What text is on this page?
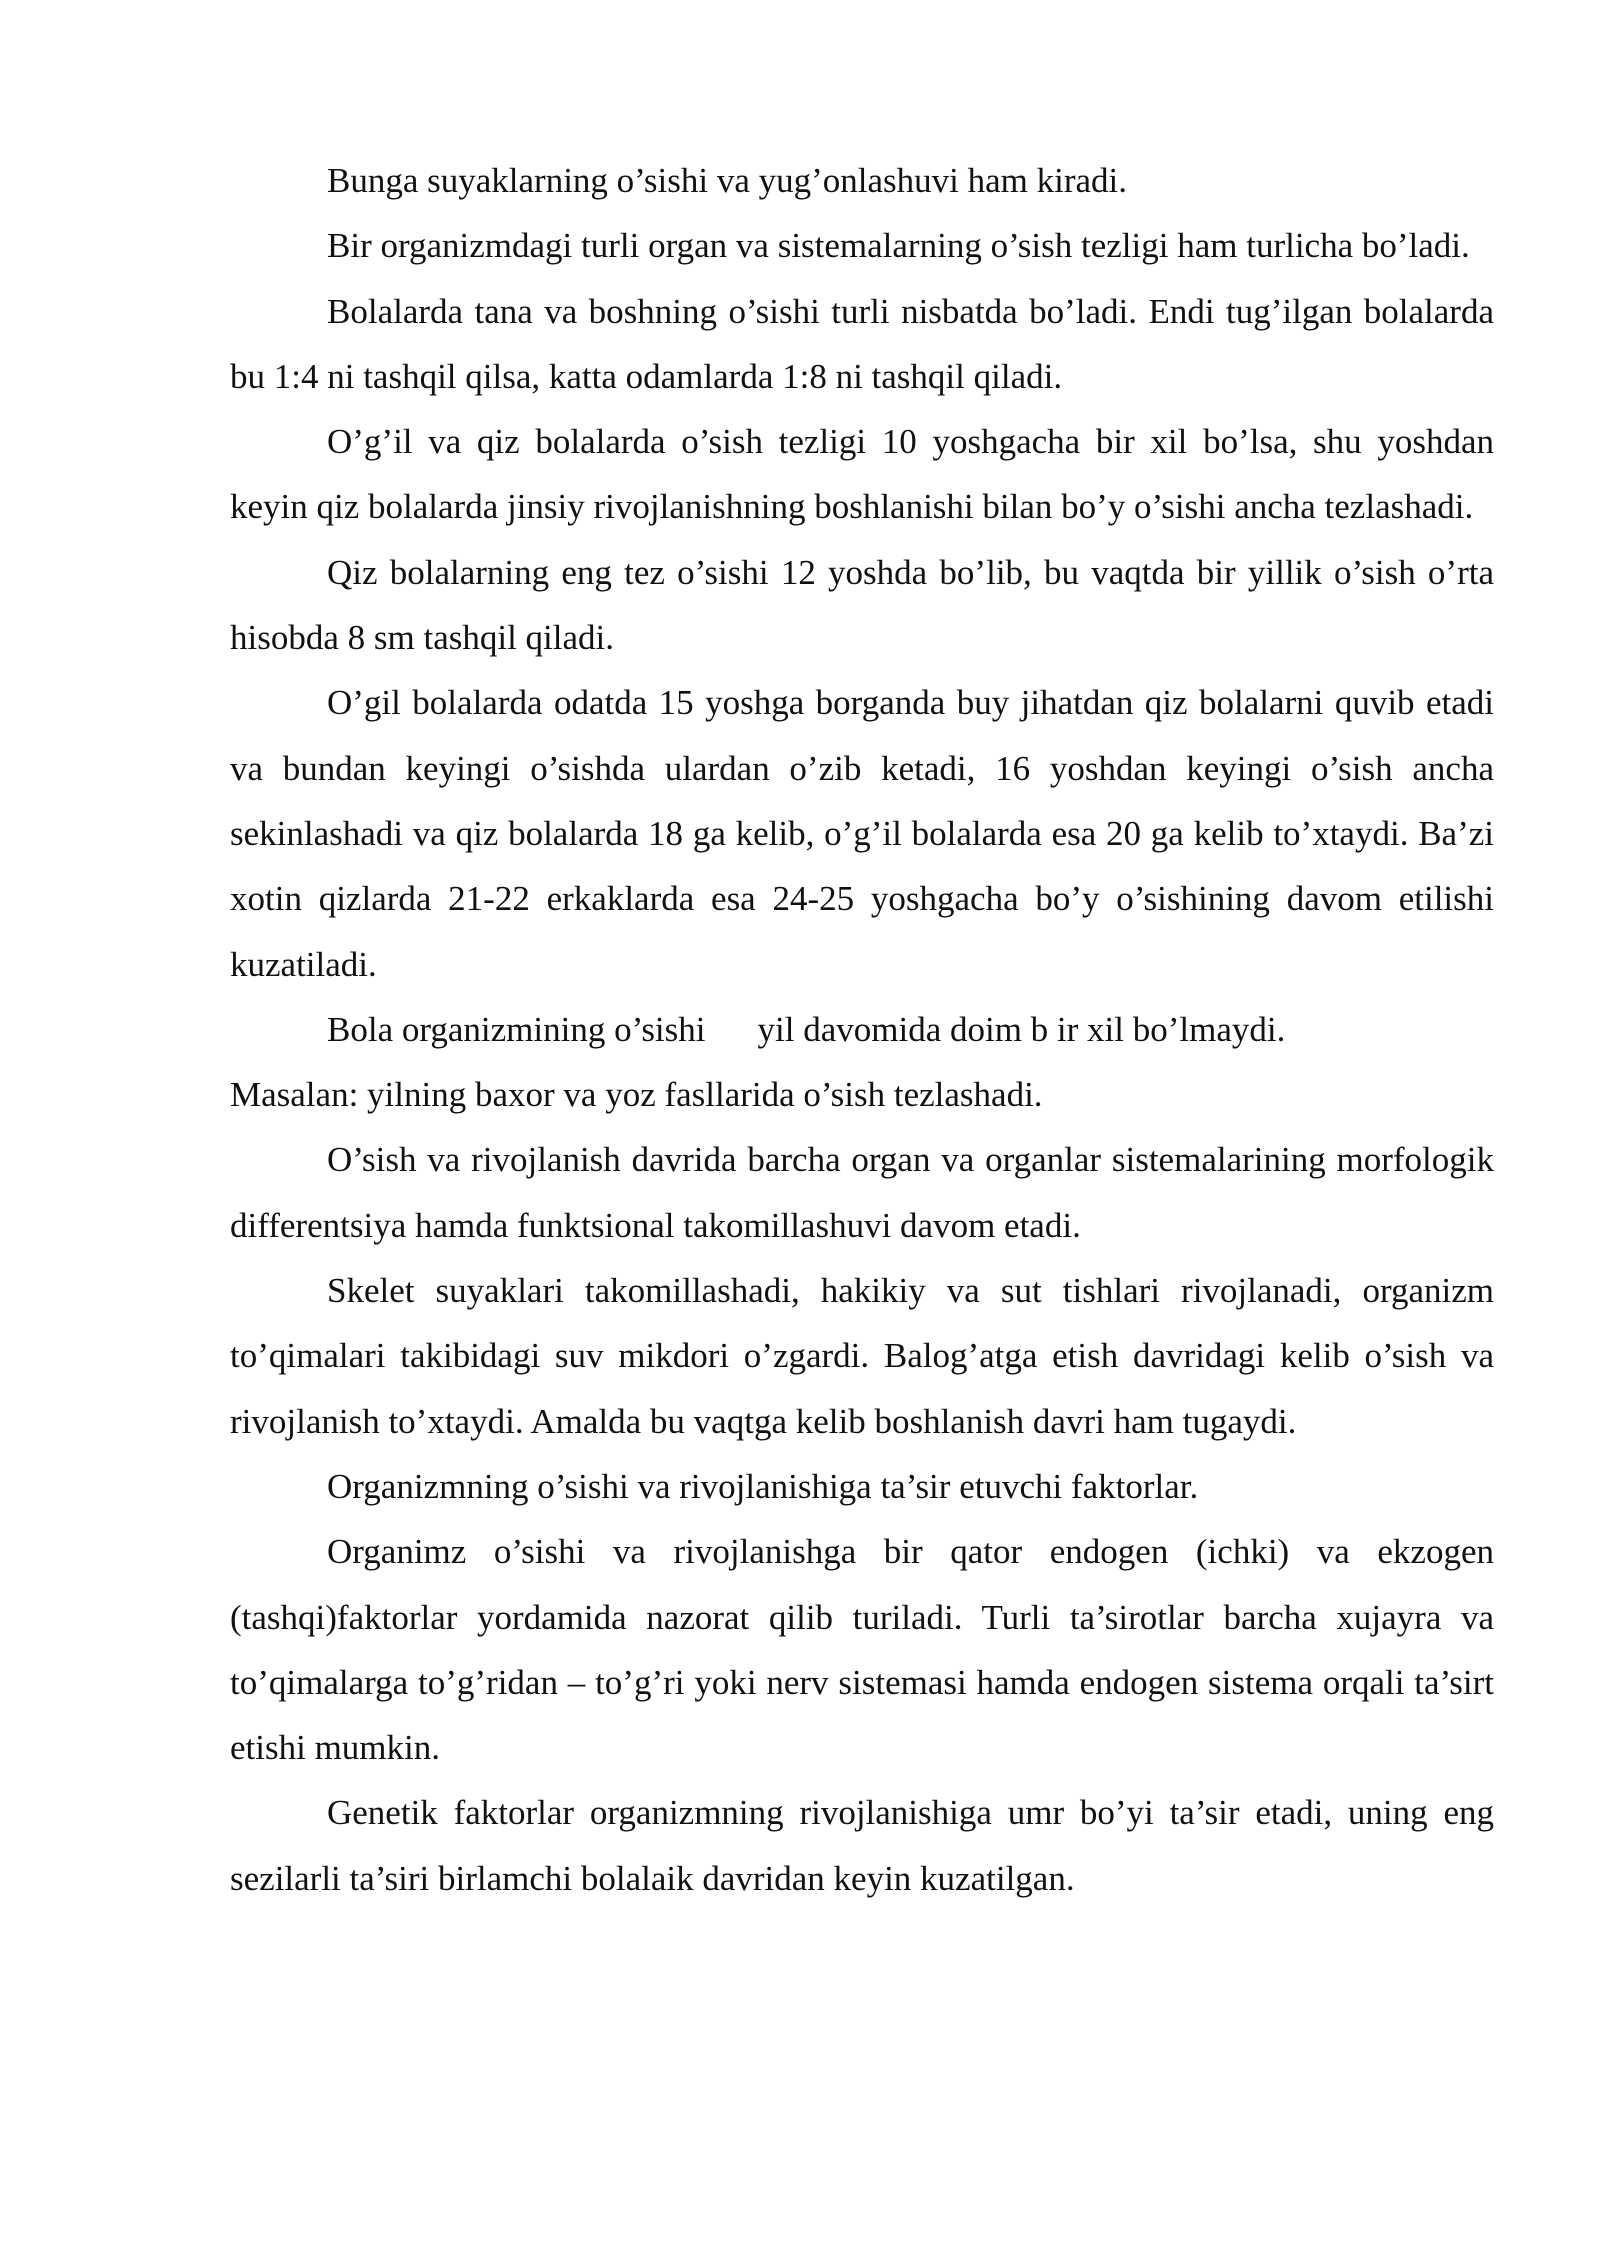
Bunga suyaklarning o’sishi va yug’onlashuvi ham kiradi.

Bir organizmdagi turli organ va sistemalarning o’sish tezligi ham turlicha bo’ladi.

Bolalarda tana va boshning o’sishi turli nisbatda bo’ladi. Endi tug’ilgan bolalarda bu 1:4 ni tashqil qilsa, katta odamlarda 1:8 ni tashqil qiladi.

O’g’il va qiz bolalarda o’sish tezligi 10 yoshgacha bir xil bo’lsa, shu yoshdan keyin qiz bolalarda jinsiy rivojlanishning boshlanishi bilan bo’y o’sishi ancha tezlashadi.

Qiz bolalarning eng tez o’sishi 12 yoshda bo’lib, bu vaqtda bir yillik o’sish o’rta hisobda 8 sm tashqil qiladi.

O’gil bolalarda odatda 15 yoshga borganda buy jihatdan qiz bolalarni quvib etadi va bundan keyingi o’sishda ulardan o’zib ketadi, 16 yoshdan keyingi o’sish ancha sekinlashadi va qiz bolalarda 18 ga kelib, o’g’il bolalarda esa 20 ga kelib to’xtaydi. Ba’zi xotin qizlarda 21-22 erkaklarda esa 24-25 yoshgacha bo’y o’sishining davom etilishi kuzatiladi.

Bola organizmining o’sishi yil davomida doim b ir xil bo’lmaydi.

Masalan: yilning baxor va yoz fasllarida o’sish tezlashadi.

O’sish va rivojlanish davrida barcha organ va organlar sistemalarining morfologik differentsiya hamda funktsional takomillashuvi davom etadi.

Skelet suyaklari takomillashadi, hakikiy va sut tishlari rivojlanadi, organizm to’qimalari takibidagi suv mikdori o’zgardi. Balog’atga etish davridagi kelib o’sish va rivojlanish to’xtaydi. Amalda bu vaqtga kelib boshlanish davri ham tugaydi.

Organizmning o’sishi va rivojlanishiga ta’sir etuvchi faktorlar.

Organimz o’sishi va rivojlanishga bir qator endogen (ichki) va ekzogen (tashqi)faktorlar yordamida nazorat qilib turiladi. Turli ta’sirotlar barcha xujayra va to’qimalarga to’g’ridan – to’g’ri yoki nerv sistemasi hamda endogen sistema orqali ta’sirt etishi mumkin.

Genetik faktorlar organizmning rivojlanishiga umr bo’yi ta’sir etadi, uning eng sezilarli ta’siri birlamchi bolalaik davridan keyin kuzatilgan.
